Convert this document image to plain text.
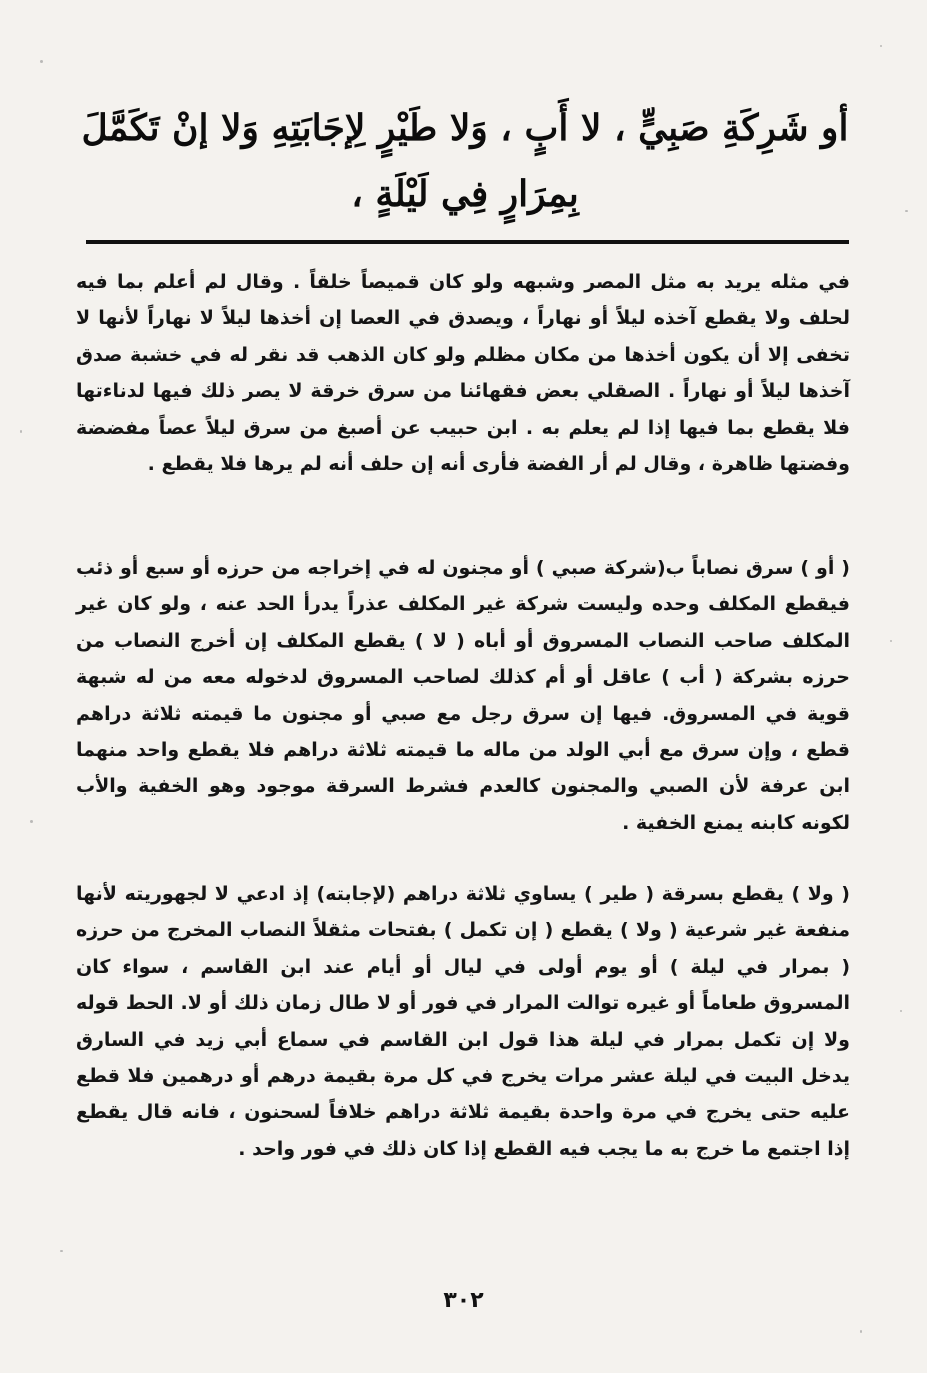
أو شَرِكَةِ صَبِيٍّ ، لا أَبٍ ، وَلا طَيْرٍ لِإجَابَتِهِ وَلا إنْ تَكَمَّلَ
بِمِرَارٍ فِي لَيْلَةٍ ،
في مثله يريد به مثل المصر وشبهه ولو كان قميصاً خلقاً . وقال لم أعلم بما فيه لحلف ولا يقطع آخذه ليلاً أو نهاراً ، ويصدق في العصا إن أخذها ليلاً لا نهاراً لأنها لا تخفى إلا أن يكون أخذها من مكان مظلم ولو كان الذهب قد نقر له في خشبة صدق آخذها ليلاً أو نهاراً . الصقلي بعض فقهائنا من سرق خرقة لا يصر ذلك فيها لدناءتها فلا يقطع بما فيها إذا لم يعلم به . ابن حبيب عن أصبغ من سرق ليلاً عصاً مفضضة وفضتها ظاهرة ، وقال لم أر الفضة فأرى أنه إن حلف أنه لم يرها فلا يقطع .
( أو ) سرق نصاباً ب(شركة صبي ) أو مجنون له في إخراجه من حرزه أو سبع أو ذئب فيقطع المكلف وحده وليست شركة غير المكلف عذراً يدرأ الحد عنه ، ولو كان غير المكلف صاحب النصاب المسروق أو أباه ( لا ) يقطع المكلف إن أخرج النصاب من حرزه بشركة ( أب ) عاقل أو أم كذلك لصاحب المسروق لدخوله معه من له شبهة قوية في المسروق. فيها إن سرق رجل مع صبي أو مجنون ما قيمته ثلاثة دراهم قطع ، وإن سرق مع أبي الولد من ماله ما قيمته ثلاثة دراهم فلا يقطع واحد منهما ابن عرفة لأن الصبي والمجنون كالعدم فشرط السرقة موجود وهو الخفية والأب لكونه كابنه يمنع الخفية .
( ولا ) يقطع بسرقة ( طير ) يساوي ثلاثة دراهم (لإجابته) إذ ادعي لا لجهوريته لأنها منفعة غير شرعية ( ولا ) يقطع ( إن تكمل ) بفتحات مثقلاً النصاب المخرج من حرزه ( بمرار في ليلة ) أو يوم أولى في ليال أو أيام عند ابن القاسم ، سواء كان المسروق طعاماً أو غيره توالت المرار في فور أو لا طال زمان ذلك أو لا. الحط قوله ولا إن تكمل بمرار في ليلة هذا قول ابن القاسم في سماع أبي زيد في السارق يدخل البيت في ليلة عشر مرات يخرج في كل مرة بقيمة درهم أو درهمين فلا قطع عليه حتى يخرج في مرة واحدة بقيمة ثلاثة دراهم خلافاً لسحنون ، فانه قال يقطع إذا اجتمع ما خرج به ما يجب فيه القطع إذا كان ذلك في فور واحد .
٣٠٢
